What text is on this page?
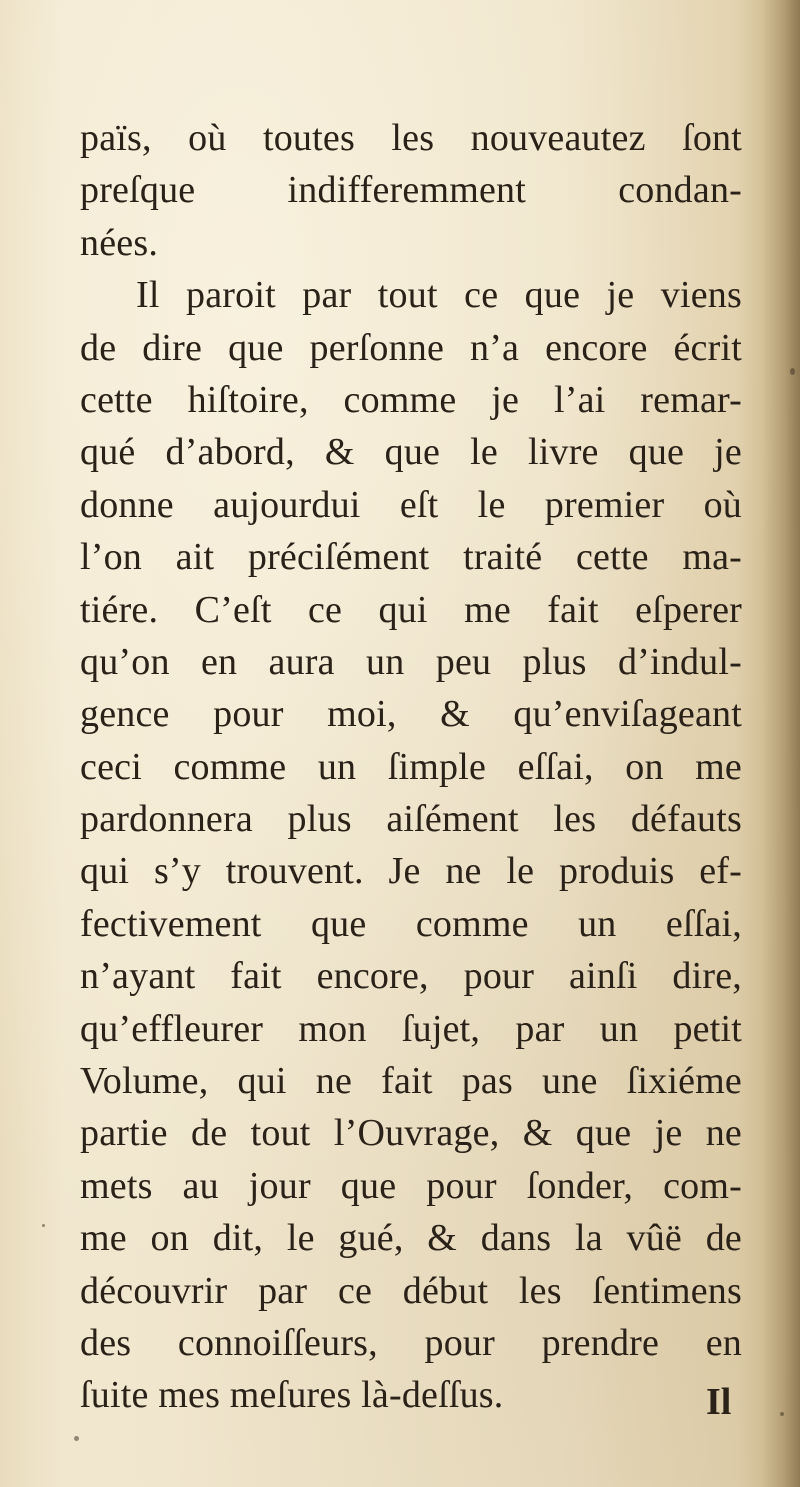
païs, où toutes les nouveautez ſont
preſque indifferemment condan-
nées.
Il paroit par tout ce que je viens
de dire que perſonne n’a encore écrit
cette hiſtoire, comme je l’ai remar-
qué d’abord, & que le livre que je
donne aujourdui eſt le premier où
l’on ait préciſément traité cette ma-
tiére. C’eſt ce qui me fait eſperer
qu’on en aura un peu plus d’indul-
gence pour moi, & qu’enviſageant
ceci comme un ſimple eſſai, on me
pardonnera plus aiſément les défauts
qui s’y trouvent. Je ne le produis ef-
fectivement que comme un eſſai,
n’ayant fait encore, pour ainſi dire,
qu’effleurer mon ſujet, par un petit
Volume, qui ne fait pas une ſixiéme
partie de tout l’Ouvrage, & que je ne
mets au jour que pour ſonder, com-
me on dit, le gué, & dans la vûë de
découvrir par ce début les ſentimens
des connoiſſeurs, pour prendre en
ſuite mes meſures là-deſſus.	Il
